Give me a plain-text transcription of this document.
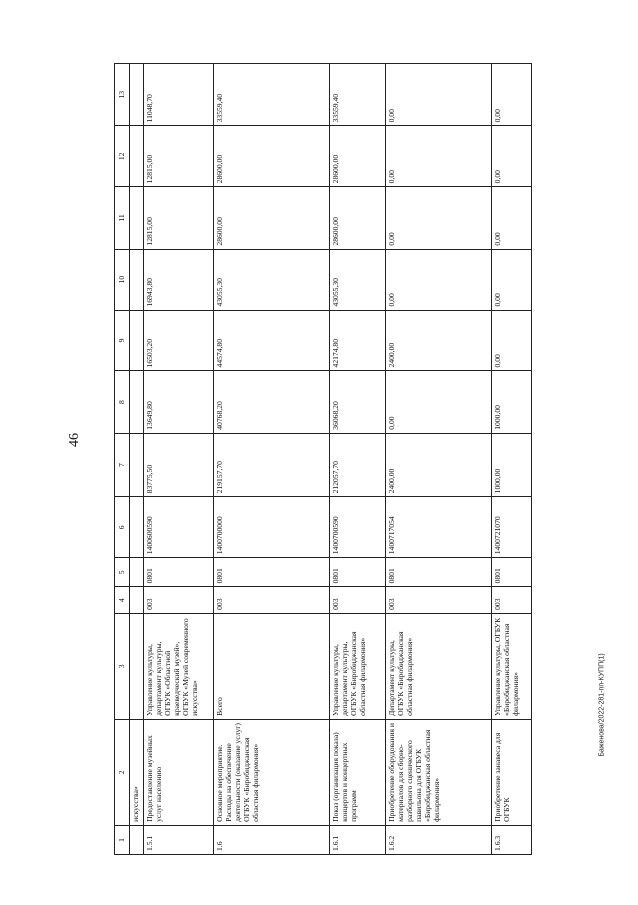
46
1	2	3	4	5	6	7	8	9	10	11	12	13
	искусства»											
1.5.1	Предоставление музейных услуг населению	Управление культуры, департамент культуры, ОГБУК «Областной краеведческий музей», ОГБУК «Музей современного искусства»	003	0801	1400600590	83775,50	13649,80	16503,20	16943,80	12815,00	12815,00	11048,70
1.6	Основное мероприятие. Расходы на обеспечение деятельности (оказание услуг) ОГБУК «Биробиджанская областная филармония»	Всего	003	0801	1400700000	219157,70	40768,20	44574,80	43055,30	28600,00	28600,00	33559,40
1.6.1	Показ (организация показа) концертов и концертных программ	Управление культуры, департамент культуры, ОГБУК «Биробиджанская областная филармония»	003	0801	1400700590	212057,70	36068,20	42174,80	43055,30	28600,00	28600,00	33559,40
1.6.2	Приобретение оборудования и материалов для сборно-разборного сценического павильона для ОГБУК «Биробиджанская областная филармония»	Департамент культуры, ОГБУК «Биробиджанская областная филармония»	003	0801	1400717054	2400,00	0,00	2400,00	0,00	0,00	0,00	0,00
1.6.3	Приобретение занавеса для ОГБУК	Управление культуры, ОГБУК «Биробиджанская областная филармония»	003	0801	1400721070	1000,00	1000,00	0,00	0,00	0,00	0,00	0,00
Баженова/2022-281-пп-КУПП(1)
